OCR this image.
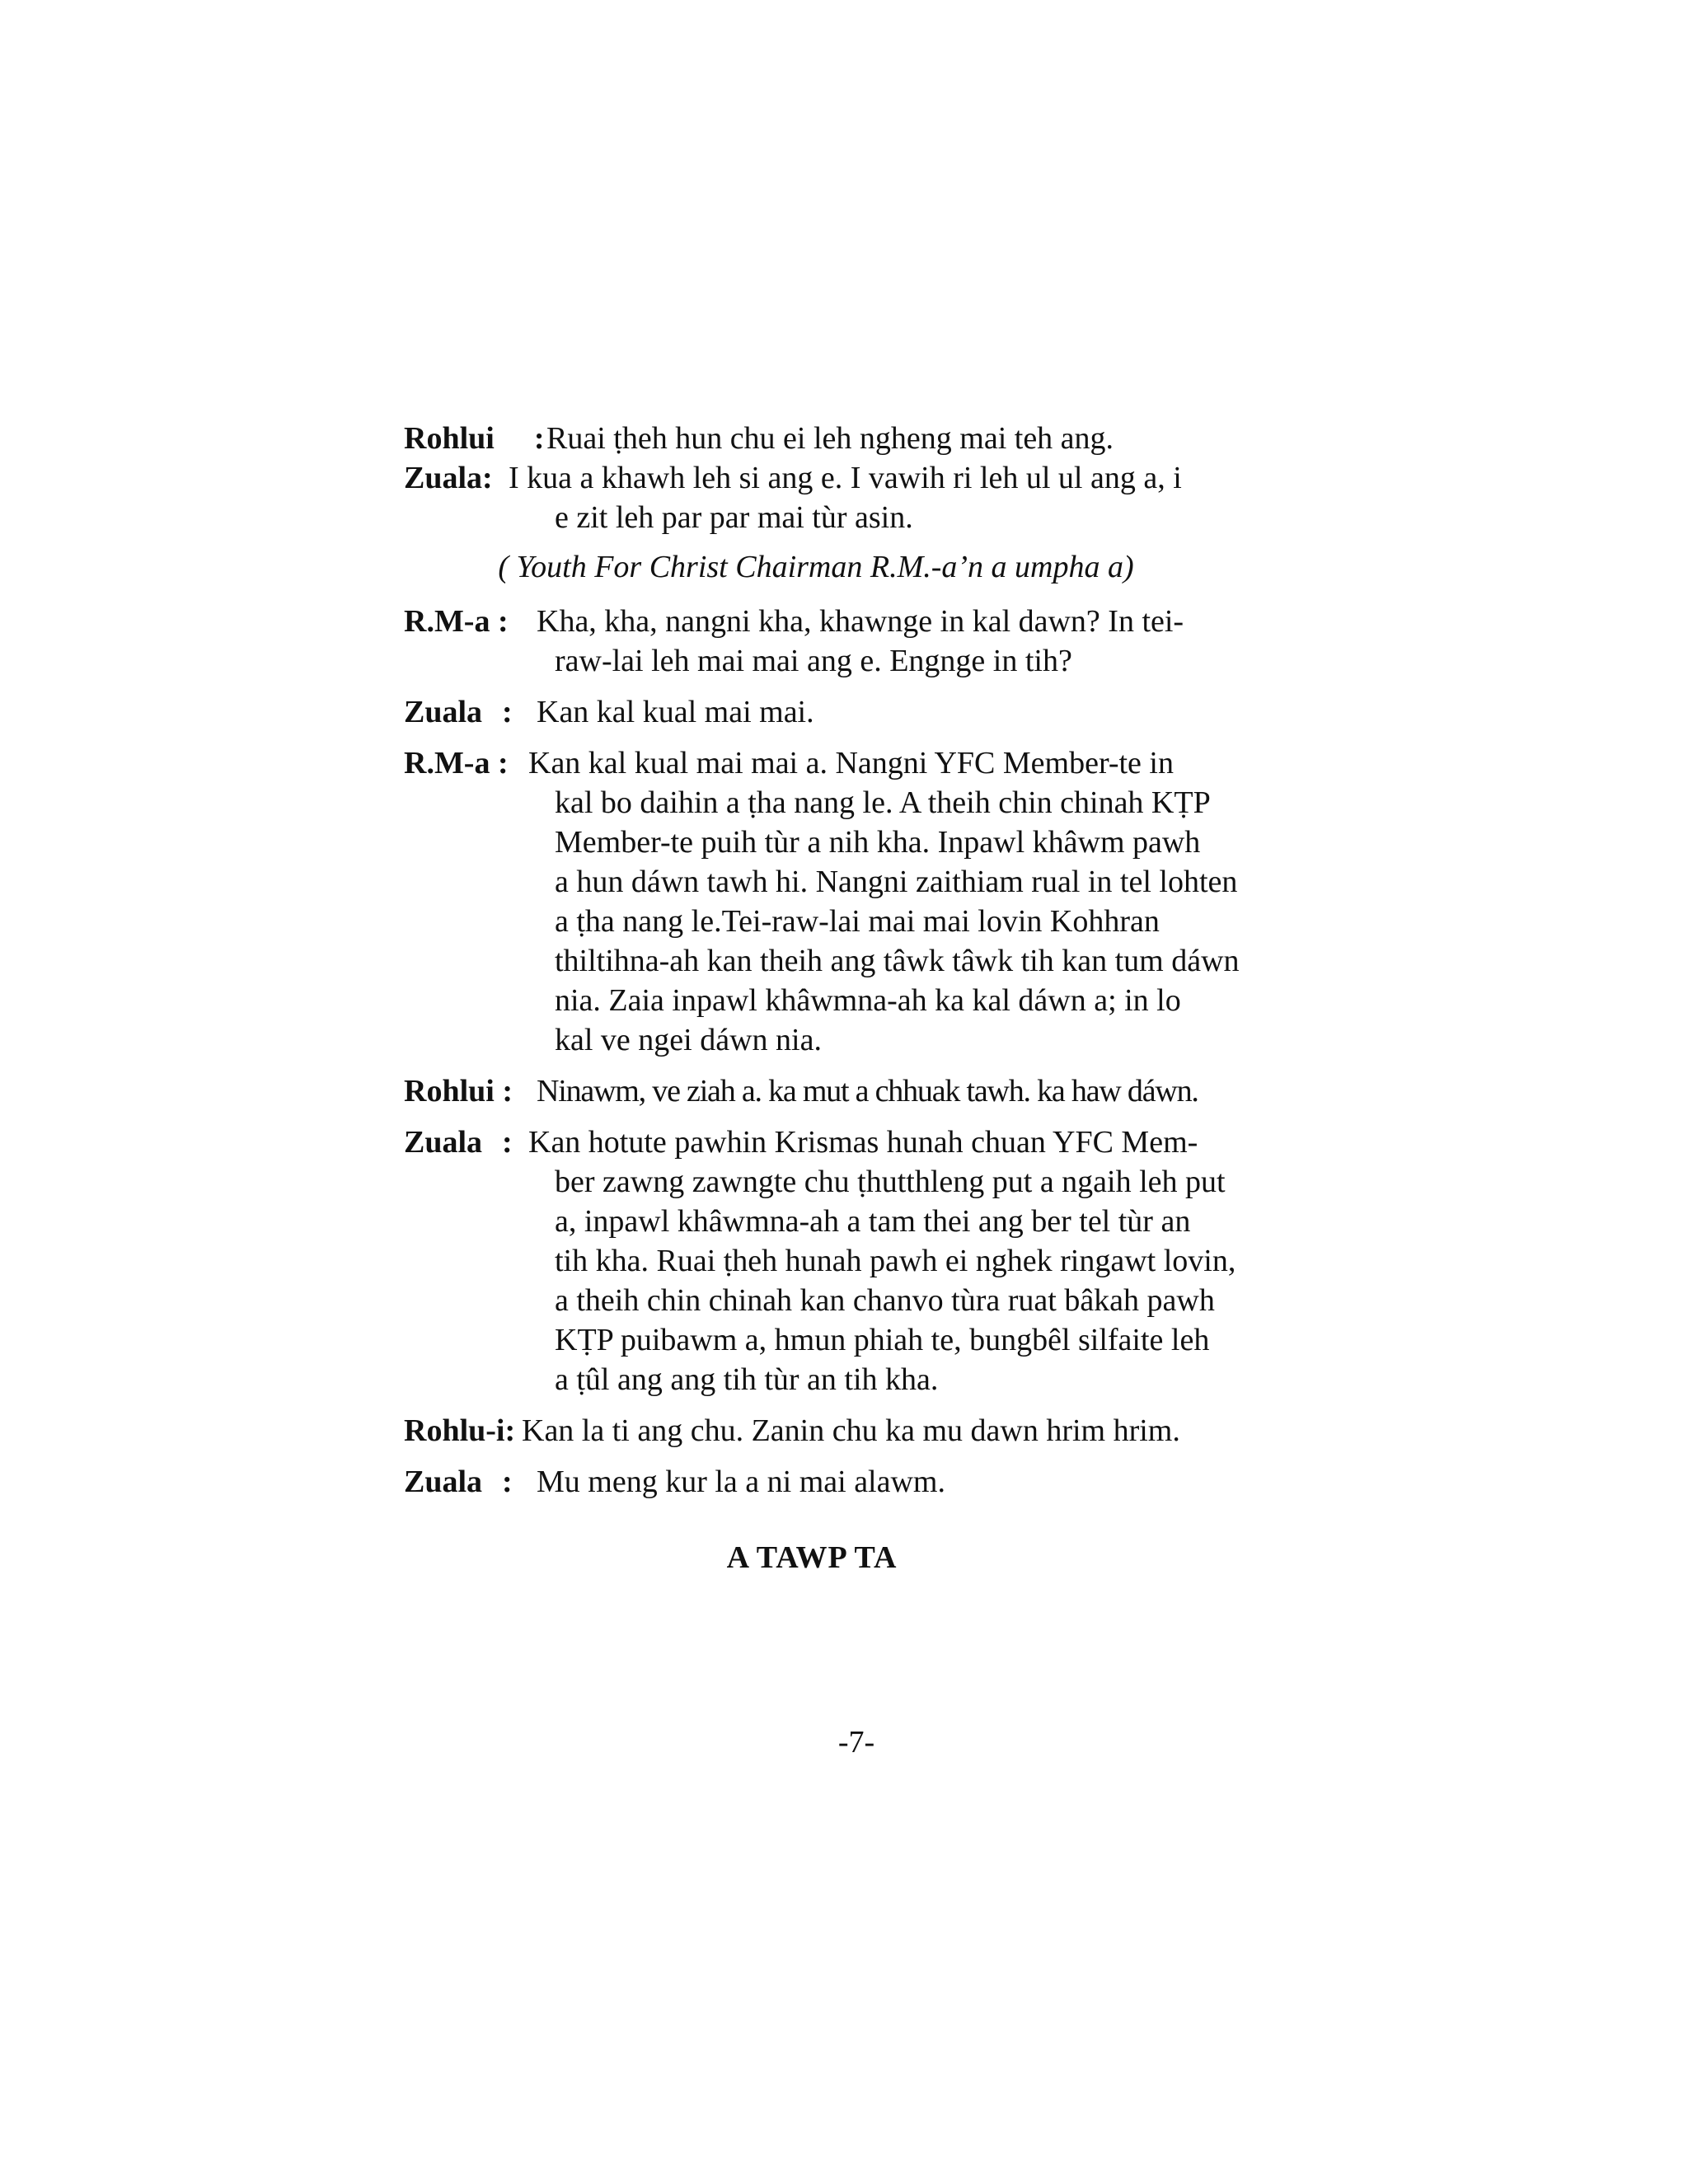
Rohlui : Ruai ṭheh hun chu ei leh ngheng mai teh ang.
Zuala: I kua a khawh leh si ang e. I vawih ri leh ul ul ang a, i
e zit leh par par mai tùr asin.
( Youth For Christ Chairman R.M.-a’n a umpha a)
R.M-a : Kha, kha, nangni kha, khawnge in kal dawn? In tei-
raw-lai leh mai mai ang e. Engnge in tih?
Zuala : Kan kal kual mai mai.
R.M-a : Kan kal kual mai mai a. Nangni YFC Member-te in
kal bo daihin a ṭha nang le. A theih chin chinah KṬP
Member-te puih tùr a nih kha. Inpawl khâwm pawh
a hun dáwn tawh hi. Nangni zaithiam rual in tel lohten
a ṭha nang le.Tei-raw-lai mai mai lovin Kohhran
thiltihna-ah kan theih ang tâwk tâwk tih kan tum dáwn
nia. Zaia inpawl khâwmna-ah ka kal dáwn a; in lo
kal ve ngei dáwn nia.
Rohlui : Ninawm, ve ziah a. ka mut a chhuak tawh. ka haw dáwn.
Zuala : Kan hotute pawhin Krismas hunah chuan YFC Mem-
ber zawng zawngte chu ṭhutthleng put a ngaih leh put
a, inpawl khâwmna-ah a tam thei ang ber tel tùr an
tih kha. Ruai ṭheh hunah pawh ei nghek ringawt lovin,
a theih chin chinah kan chanvo tùra ruat bâkah pawh
KṬP puibawm a, hmun phiah te, bungbêl silfaite leh
a ṭûl ang ang tih tùr an tih kha.
Rohlu-i: Kan la ti ang chu. Zanin chu ka mu dawn hrim hrim.
Zuala : Mu meng kur la a ni mai alawm.
A TAWP TA
-7-
